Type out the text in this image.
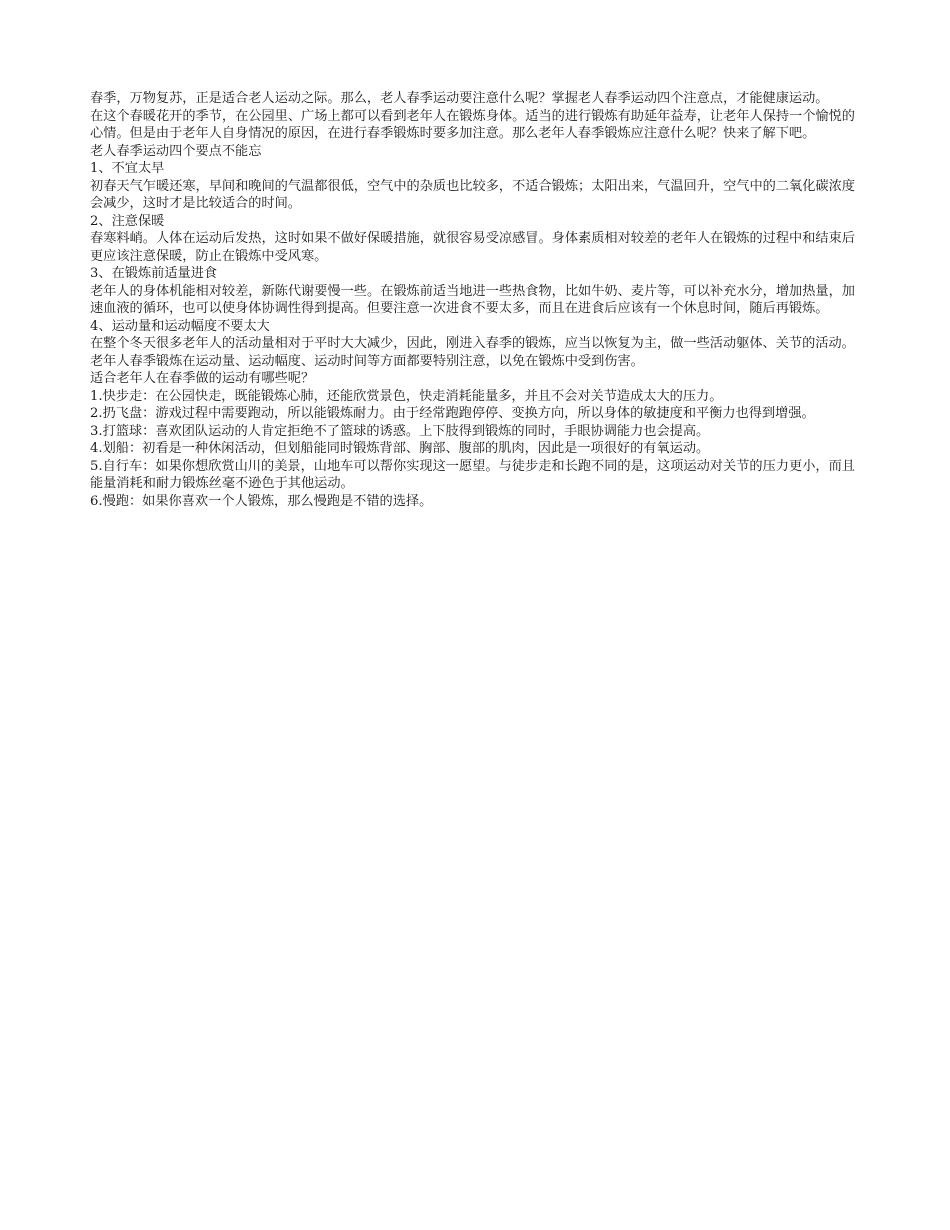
春季，万物复苏，正是适合老人运动之际。那么，老人春季运动要注意什么呢？掌握老人春季运动四个注意点，才能健康运动。

在这个春暖花开的季节，在公园里、广场上都可以看到老年人在锻炼身体。适当的进行锻炼有助延年益寿，让老年人保持一个愉悦的心情。但是由于老年人自身情况的原因，在进行春季锻炼时要多加注意。那么老年人春季锻炼应注意什么呢？快来了解下吧。

老人春季运动四个要点不能忘

1、不宜太早

初春天气乍暖还寒，早间和晚间的气温都很低，空气中的杂质也比较多，不适合锻炼；太阳出来，气温回升，空气中的二氧化碳浓度会减少，这时才是比较适合的时间。

2、注意保暖

春寒料峭。人体在运动后发热，这时如果不做好保暖措施，就很容易受凉感冒。身体素质相对较差的老年人在锻炼的过程中和结束后更应该注意保暖，防止在锻炼中受风寒。

3、在锻炼前适量进食

老年人的身体机能相对较差，新陈代谢要慢一些。在锻炼前适当地进一些热食物，比如牛奶、麦片等，可以补充水分，增加热量，加速血液的循环，也可以使身体协调性得到提高。但要注意一次进食不要太多，而且在进食后应该有一个休息时间，随后再锻炼。

4、运动量和运动幅度不要太大

在整个冬天很多老年人的活动量相对于平时大大减少，因此，刚进入春季的锻炼，应当以恢复为主，做一些活动躯体、关节的活动。

老年人春季锻炼在运动量、运动幅度、运动时间等方面都要特别注意，以免在锻炼中受到伤害。

适合老年人在春季做的运动有哪些呢？

1.快步走：在公园快走，既能锻炼心肺，还能欣赏景色，快走消耗能量多，并且不会对关节造成太大的压力。

2.扔飞盘：游戏过程中需要跑动，所以能锻炼耐力。由于经常跑跑停停、变换方向，所以身体的敏捷度和平衡力也得到增强。

3.打篮球：喜欢团队运动的人肯定拒绝不了篮球的诱惑。上下肢得到锻炼的同时，手眼协调能力也会提高。

4.划船：初看是一种休闲活动，但划船能同时锻炼背部、胸部、腹部的肌肉，因此是一项很好的有氧运动。

5.自行车：如果你想欣赏山川的美景，山地车可以帮你实现这一愿望。与徒步走和长跑不同的是，这项运动对关节的压力更小，而且能量消耗和耐力锻炼丝毫不逊色于其他运动。

6.慢跑：如果你喜欢一个人锻炼，那么慢跑是不错的选择。
